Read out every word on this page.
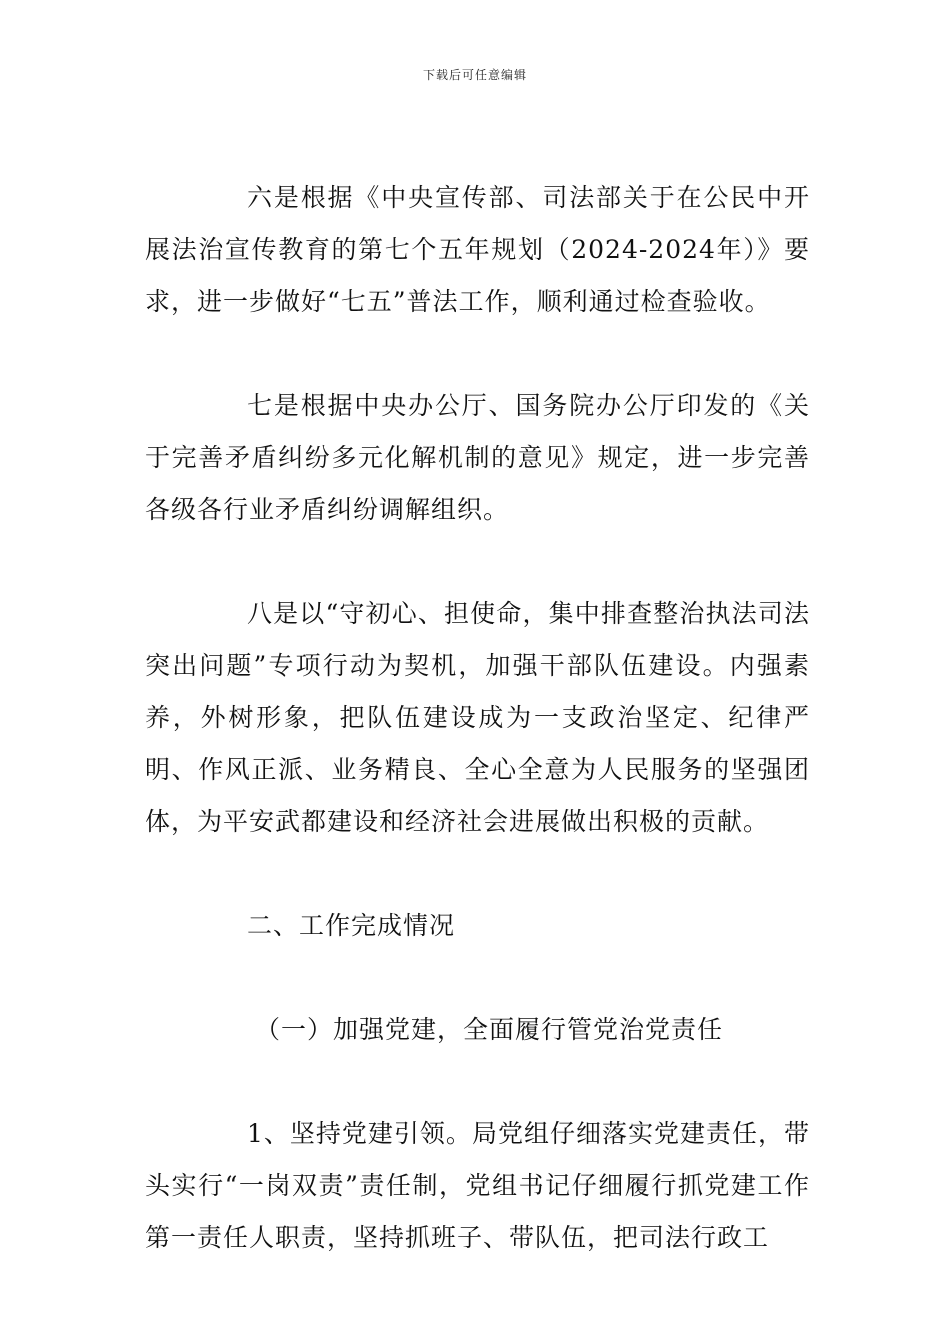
下载后可任意编辑

六是根据《中央宣传部、司法部关于在公民中开展法治宣传教育的第七个五年规划（2024-2024年）》要求，进一步做好“七五”普法工作，顺利通过检查验收。

七是根据中央办公厅、国务院办公厅印发的《关于完善矛盾纠纷多元化解机制的意见》规定，进一步完善各级各行业矛盾纠纷调解组织。

八是以“守初心、担使命，集中排查整治执法司法突出问题”专项行动为契机，加强干部队伍建设。内强素养，外树形象，把队伍建设成为一支政治坚定、纪律严明、作风正派、业务精良、全心全意为人民服务的坚强团体，为平安武都建设和经济社会进展做出积极的贡献。

二、工作完成情况

（一）加强党建，全面履行管党治党责任

1、坚持党建引领。局党组仔细落实党建责任，带头实行“一岗双责”责任制，党组书记仔细履行抓党建工作第一责任人职责，坚持抓班子、带队伍，把司法行政工
